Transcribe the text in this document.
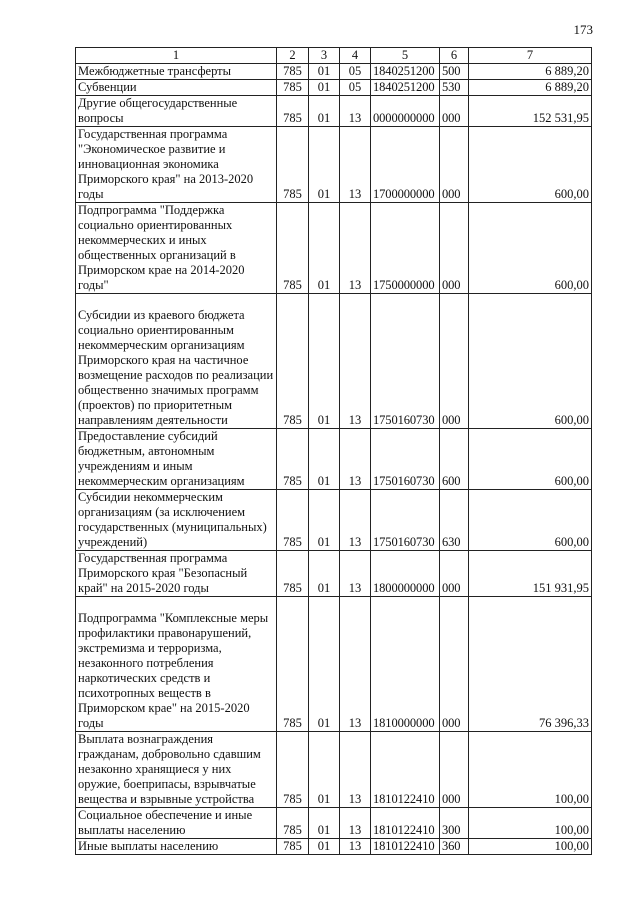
173
1	2	3	4	5	6	7
Межбюджетные трансферты	785	01	05	1840251200	500	6 889,20
Субвенции	785	01	05	1840251200	530	6 889,20
Другие общегосударственные вопросы	785	01	13	0000000000	000	152 531,95
Государственная программа "Экономическое развитие и инновационная экономика Приморского края" на 2013-2020 годы	785	01	13	1700000000	000	600,00
Подпрограмма "Поддержка социально ориентированных некоммерческих и иных общественных организаций в Приморском крае на 2014-2020 годы"	785	01	13	1750000000	000	600,00
Субсидии из краевого бюджета социально ориентированным некоммерческим организациям Приморского края на частичное возмещение расходов по реализации общественно значимых программ (проектов) по приоритетным направлениям деятельности	785	01	13	1750160730	000	600,00
Предоставление субсидий бюджетным, автономным учреждениям и иным некоммерческим организациям	785	01	13	1750160730	600	600,00
Субсидии некоммерческим организациям (за исключением государственных (муниципальных) учреждений)	785	01	13	1750160730	630	600,00
Государственная программа Приморского края "Безопасный край" на 2015-2020 годы	785	01	13	1800000000	000	151 931,95
Подпрограмма "Комплексные меры профилактики правонарушений, экстремизма и терроризма, незаконного потребления наркотических средств и психотропных веществ в Приморском крае" на 2015-2020 годы	785	01	13	1810000000	000	76 396,33
Выплата вознаграждения гражданам, добровольно сдавшим незаконно хранящиеся у них оружие, боеприпасы, взрывчатые вещества и взрывные устройства	785	01	13	1810122410	000	100,00
Социальное обеспечение и иные выплаты населению	785	01	13	1810122410	300	100,00
Иные выплаты населению	785	01	13	1810122410	360	100,00
